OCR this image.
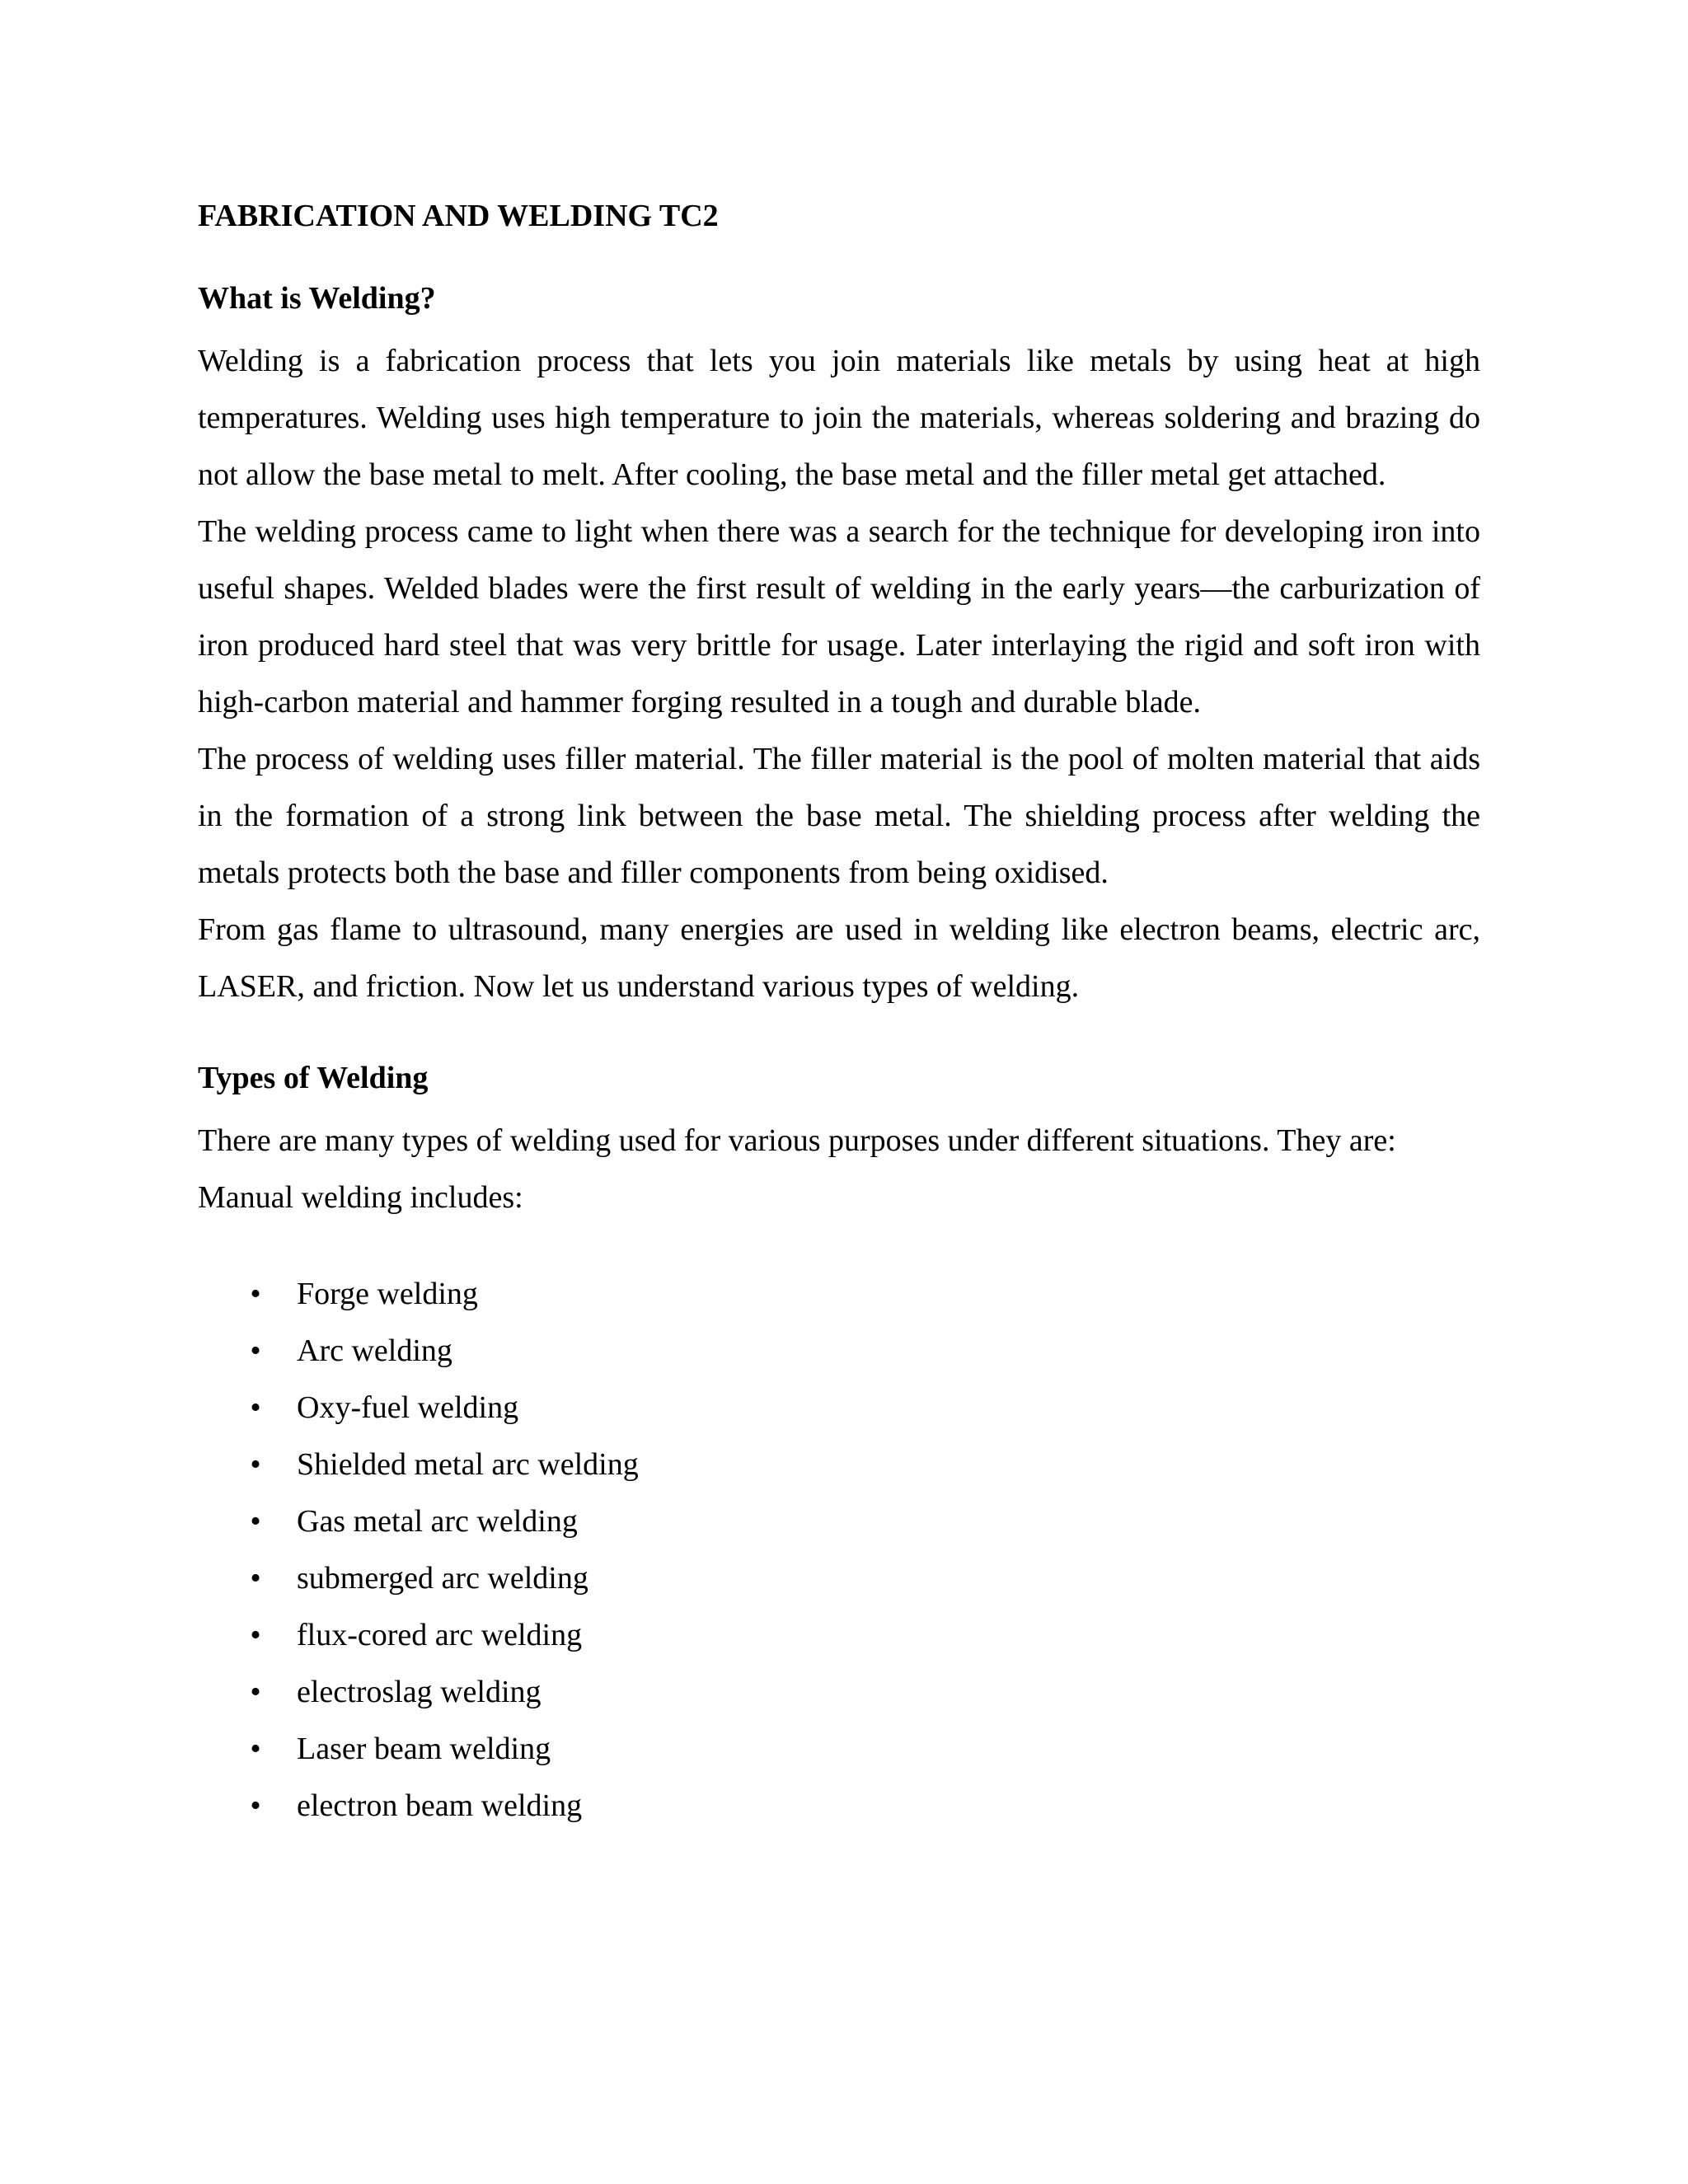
FABRICATION AND WELDING TC2
What is Welding?

Welding is a fabrication process that lets you join materials like metals by using heat at high temperatures. Welding uses high temperature to join the materials, whereas soldering and brazing do not allow the base metal to melt. After cooling, the base metal and the filler metal get attached.

The welding process came to light when there was a search for the technique for developing iron into useful shapes. Welded blades were the first result of welding in the early years—the carburization of iron produced hard steel that was very brittle for usage. Later interlaying the rigid and soft iron with high-carbon material and hammer forging resulted in a tough and durable blade.

The process of welding uses filler material. The filler material is the pool of molten material that aids in the formation of a strong link between the base metal. The shielding process after welding the metals protects both the base and filler components from being oxidised.

From gas flame to ultrasound, many energies are used in welding like electron beams, electric arc, LASER, and friction. Now let us understand various types of welding.

Types of Welding

There are many types of welding used for various purposes under different situations. They are:

Manual welding includes:

• Forge welding
• Arc welding
• Oxy-fuel welding
• Shielded metal arc welding
• Gas metal arc welding
• submerged arc welding
• flux-cored arc welding
• electroslag welding
• Laser beam welding
• electron beam welding
